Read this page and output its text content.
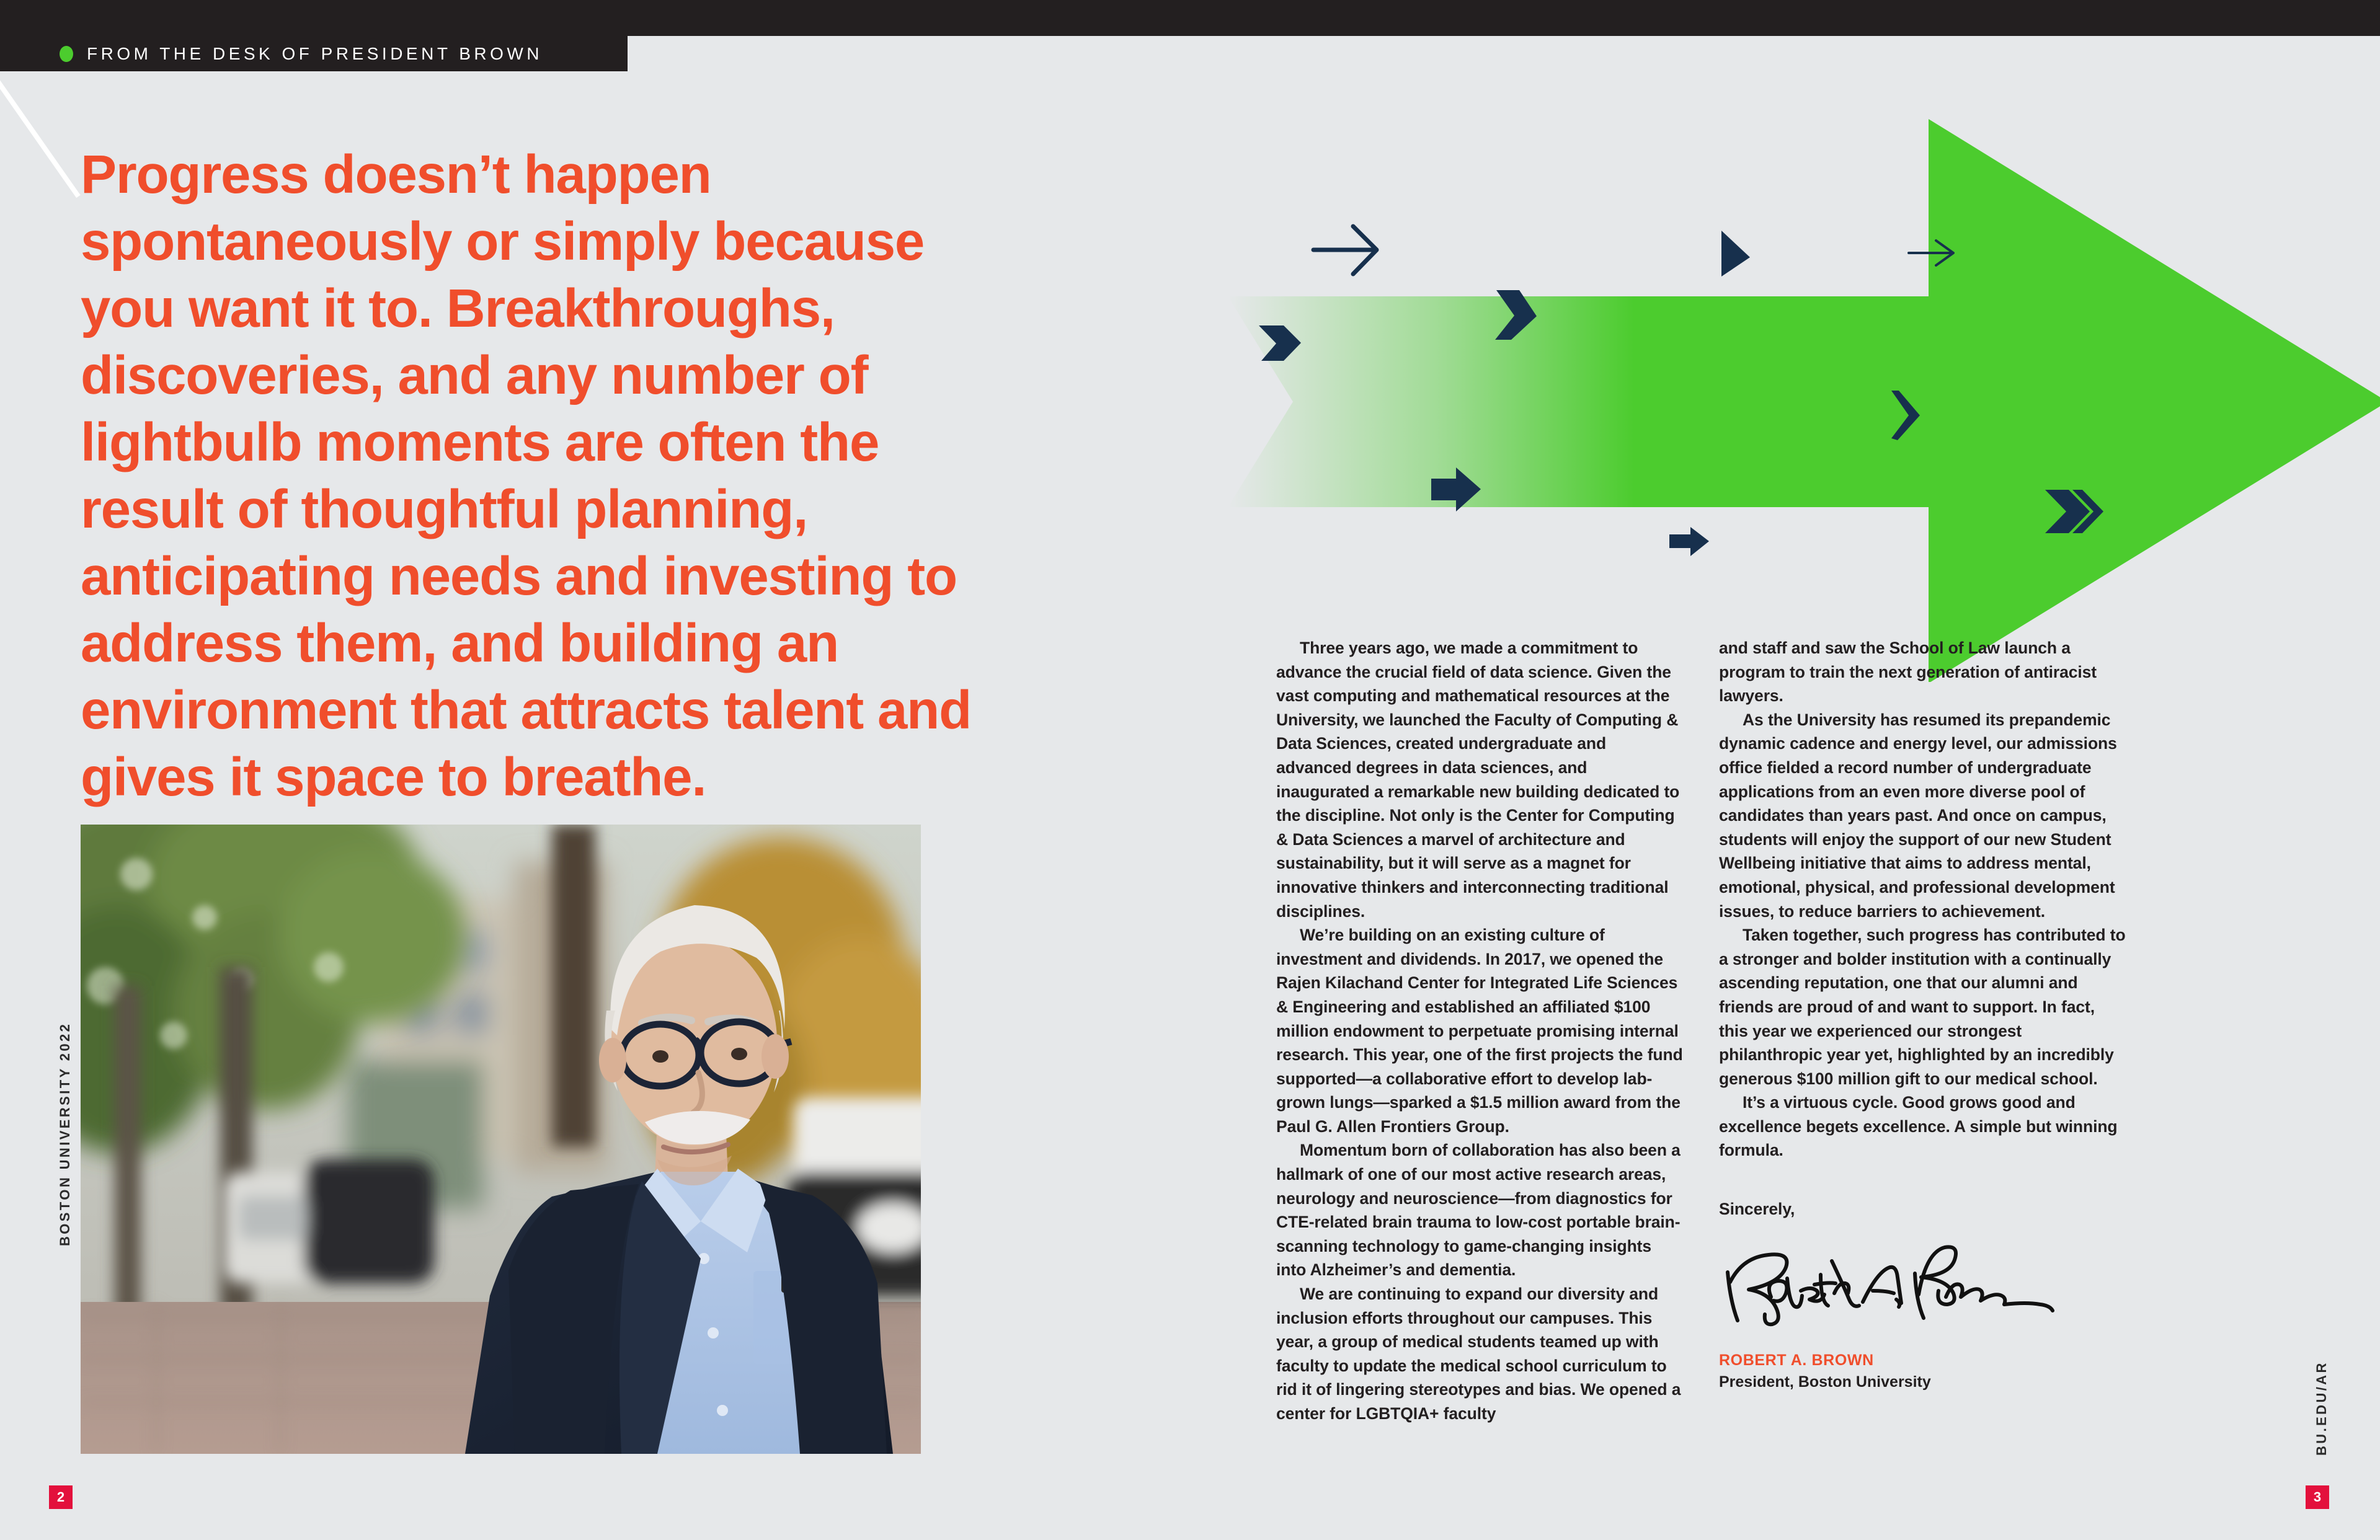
FROM THE DESK OF PRESIDENT BROWN
Progress doesn’t happen spontaneously or simply because you want it to. Breakthroughs, discoveries, and any number of lightbulb moments are often the result of thoughtful planning, anticipating needs and investing to address them, and building an environment that attracts talent and gives it space to breathe.
BOSTON UNIVERSITY 2022
2
BU.EDU/AR
3

Three years ago, we made a commitment to advance the crucial field of data science. Given the vast computing and mathematical resources at the University, we launched the Faculty of Computing & Data Sciences, created undergraduate and advanced degrees in data sciences, and inaugurated a remarkable new building dedicated to the discipline. Not only is the Center for Computing & Data Sciences a marvel of architecture and sustainability, but it will serve as a magnet for innovative thinkers and interconnecting traditional disciplines.

We’re building on an existing culture of investment and dividends. In 2017, we opened the Rajen Kilachand Center for Integrated Life Sciences & Engineering and established an affiliated $100 million endowment to perpetuate promising internal research. This year, one of the first projects the fund supported—a collaborative effort to develop lab-grown lungs—sparked a $1.5 million award from the Paul G. Allen Frontiers Group.

Momentum born of collaboration has also been a hallmark of one of our most active research areas, neurology and neuroscience—from diagnostics for CTE-related brain trauma to low-cost portable brain-scanning technology to game-changing insights into Alzheimer’s and dementia.

We are continuing to expand our diversity and inclusion efforts throughout our campuses. This year, a group of medical students teamed up with faculty to update the medical school curriculum to rid it of lingering stereotypes and bias. We opened a center for LGBTQIA+ faculty

and staff and saw the School of Law launch a program to train the next generation of antiracist lawyers.

As the University has resumed its prepandemic dynamic cadence and energy level, our admissions office fielded a record number of undergraduate applications from an even more diverse pool of candidates than years past. And once on campus, students will enjoy the support of our new Student Wellbeing initiative that aims to address mental, emotional, physical, and professional development issues, to reduce barriers to achievement.

Taken together, such progress has contributed to a stronger and bolder institution with a continually ascending reputation, one that our alumni and friends are proud of and want to support. In fact, this year we experienced our strongest philanthropic year yet, highlighted by an incredibly generous $100 million gift to our medical school.

It’s a virtuous cycle. Good grows good and excellence begets excellence. A simple but winning formula.

Sincerely,

ROBERT A. BROWN
President, Boston University
